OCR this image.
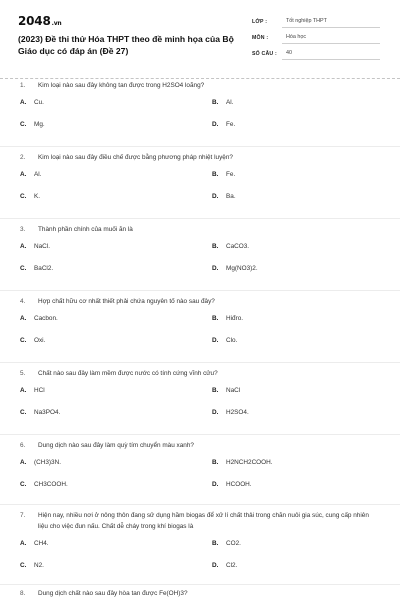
2048.vn
(2023) Đề thi thử Hóa THPT theo đề minh họa của Bộ Giáo dục có đáp án (Đề 27)
LỚP :	Tốt nghiệp THPT
MÔN :	Hóa học
SỐ CÂU :	40
1.	Kim loại nào sau đây không tan được trong H2SO4 loãng?
A.	Cu.	B.	Al.
C.	Mg.	D.	Fe.
2.	Kim loại nào sau đây điều chế được bằng phương pháp nhiệt luyện?
A.	Al.	B.	Fe.
C.	K.	D.	Ba.
3.	Thành phần chính của muối ăn là
A.	NaCl.	B.	CaCO3.
C.	BaCl2.	D.	Mg(NO3)2.
4.	Hợp chất hữu cơ nhất thiết phải chứa nguyên tố nào sau đây?
A.	Cacbon.	B.	Hiđro.
C.	Oxi.	D.	Clo.
5.	Chất nào sau đây làm mềm được nước có tính cứng vĩnh cửu?
A.	HCl	B.	NaCl
C.	Na3PO4.	D.	H2SO4.
6.	Dung dịch nào sau đây làm quỳ tím chuyển màu xanh?
A.	(CH3)3N.	B.	H2NCH2COOH.
C.	CH3COOH.	D.	HCOOH.
7.	Hiện nay, nhiều nơi ở nông thôn đang sử dụng hầm biogas để xử lí chất thải trong chăn nuôi gia súc, cung cấp nhiên liệu cho việc đun nấu. Chất dễ cháy trong khí biogas là
A.	CH4.	B.	CO2.
C.	N2.	D.	Cl2.
8.	Dung dịch chất nào sau đây hòa tan được Fe(OH)3?
